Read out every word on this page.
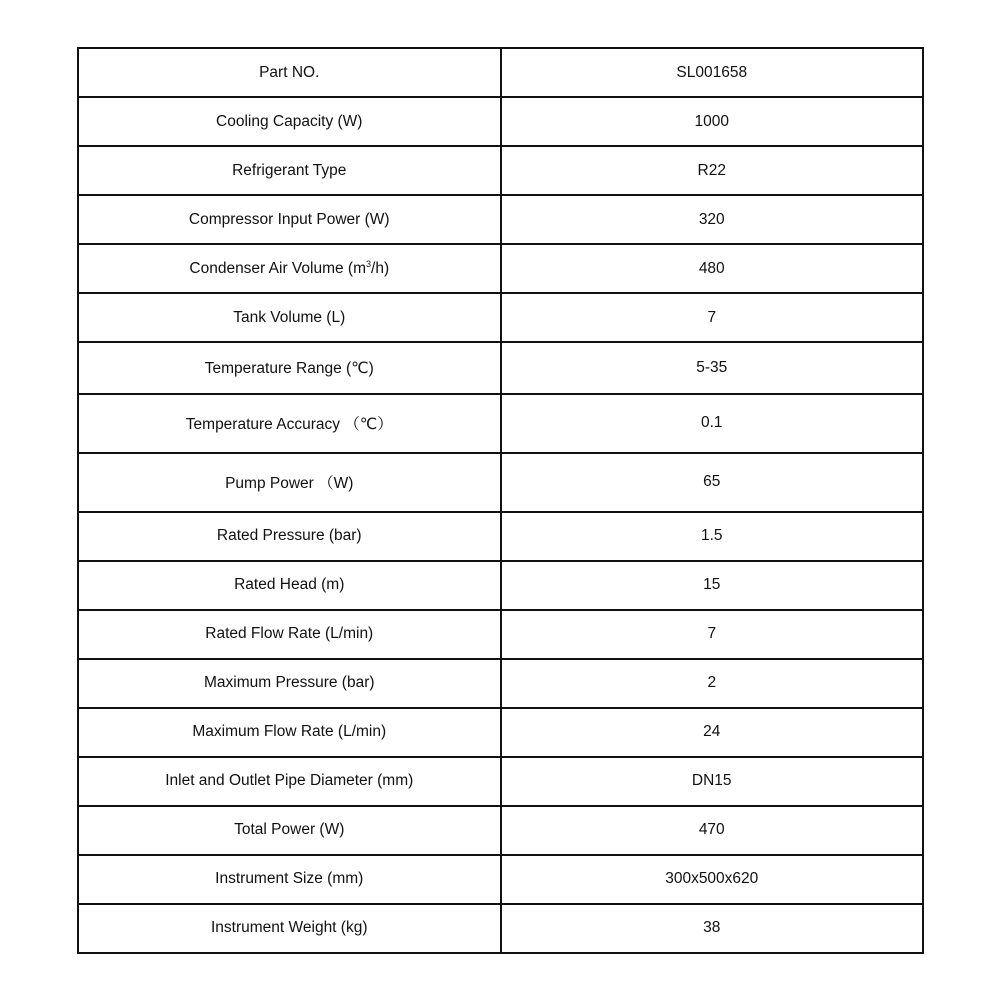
Part NO.	SL001658
Cooling Capacity (W)	1000
Refrigerant Type	R22
Compressor Input Power (W)	320
Condenser Air Volume $(m^3/h)$	480
Tank Volume (L)	7
Temperature Range (℃)	5-35
Temperature Accuracy （℃）	0.1
Pump Power （W)	65
Rated Pressure (bar)	1.5
Rated Head (m)	15
Rated Flow Rate (L/min)	7
Maximum Pressure (bar)	2
Maximum Flow Rate (L/min)	24
Inlet and Outlet Pipe Diameter (mm)	DN15
Total Power (W)	470
Instrument Size (mm)	300x500x620
Instrument Weight (kg)	38
